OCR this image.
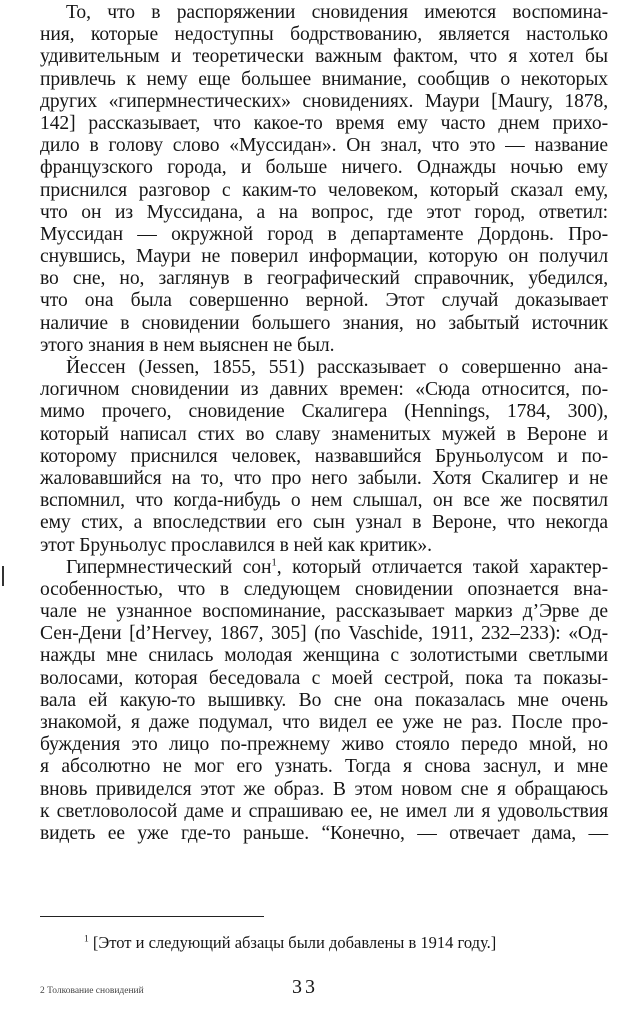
То, что в распоряжении сновидения имеются воспомина-
ния, которые недоступны бодрствованию, является настолько
удивительным и теоретически важным фактом, что я хотел бы
привлечь к нему еще большее внимание, сообщив о некоторых
других «гипермнестических» сновидениях. Маури [Maury, 1878,
142] рассказывает, что какое-то время ему часто днем прихо-
дило в голову слово «Муссидан». Он знал, что это — название
французского города, и больше ничего. Однажды ночью ему
приснился разговор с каким-то человеком, который сказал ему,
что он из Муссидана, а на вопрос, где этот город, ответил:
Муссидан — окружной город в департаменте Дордонь. Про-
снувшись, Маури не поверил информации, которую он получил
во сне, но, заглянув в географический справочник, убедился,
что она была совершенно верной. Этот случай доказывает
наличие в сновидении большего знания, но забытый источник
этого знания в нем выяснен не был.
Йессен (Jessen, 1855, 551) рассказывает о совершенно ана-
логичном сновидении из давних времен: «Сюда относится, по-
мимо прочего, сновидение Скалигера (Hennings, 1784, 300),
который написал стих во славу знаменитых мужей в Вероне и
которому приснился человек, назвавшийся Бруньолусом и по-
жаловавшийся на то, что про него забыли. Хотя Скалигер и не
вспомнил, что когда-нибудь о нем слышал, он все же посвятил
ему стих, а впоследствии его сын узнал в Вероне, что некогда
этот Бруньолус прославился в ней как критик».
Гипермнестический сон$^1$, который отличается такой характер-
особенностью, что в следующем сновидении опознается вна-
чале не узнанное воспоминание, рассказывает маркиз д’Эрве де
Сен-Дени [d’Hervey, 1867, 305] (по Vaschide, 1911, 232–233): «Од-
нажды мне снилась молодая женщина с золотистыми светлыми
волосами, которая беседовала с моей сестрой, пока та показы-
вала ей какую-то вышивку. Во сне она показалась мне очень
знакомой, я даже подумал, что видел ее уже не раз. После про-
буждения это лицо по-прежнему живо стояло передо мной, но
я абсолютно не мог его узнать. Тогда я снова заснул, и мне
вновь привиделся этот же образ. В этом новом сне я обращаюсь
к светловолосой даме и спрашиваю ее, не имел ли я удовольствия
видеть ее уже где-то раньше. “Конечно, — отвечает дама, —
$^1$ [Этот и следующий абзацы были добавлены в 1914 году.]
2 Толкование сновидений	33
